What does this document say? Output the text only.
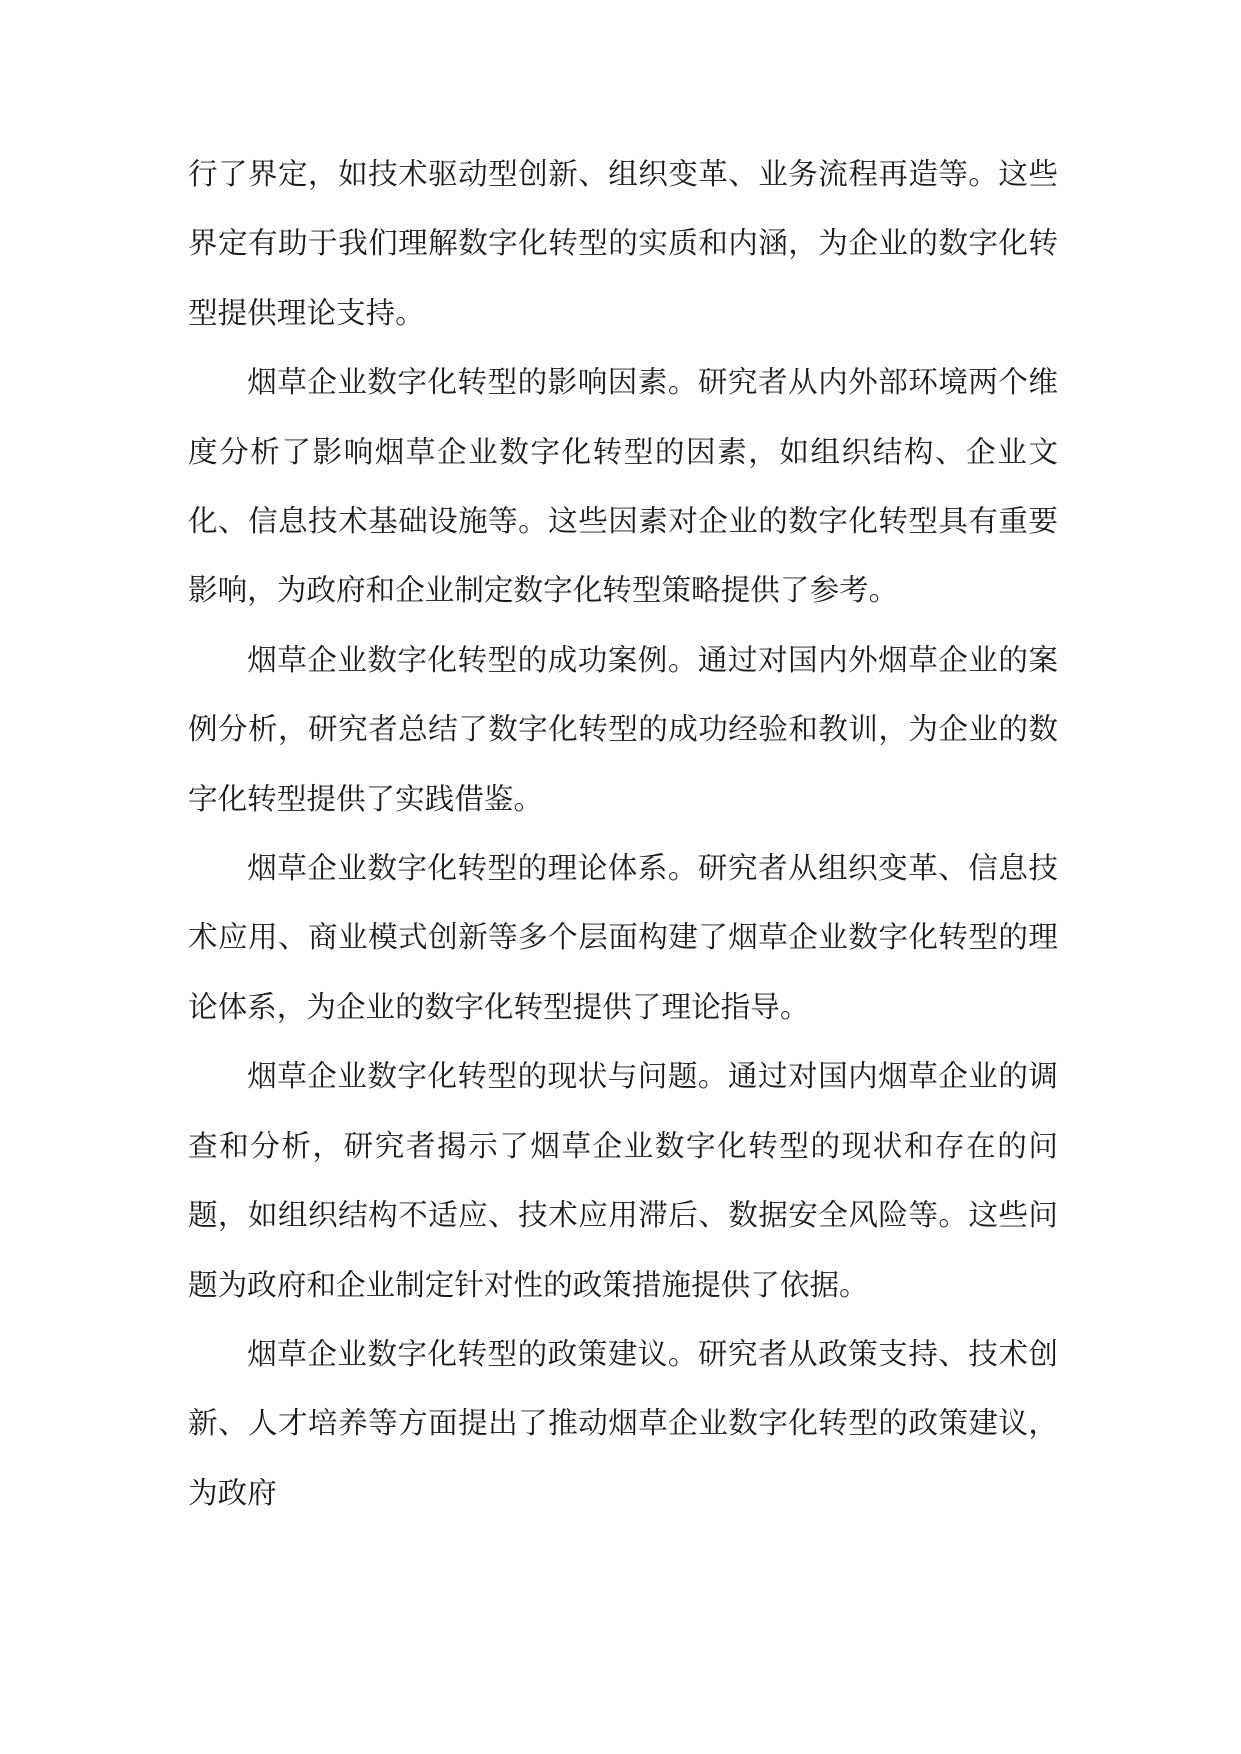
行了界定，如技术驱动型创新、组织变革、业务流程再造等。这些界定有助于我们理解数字化转型的实质和内涵，为企业的数字化转型提供理论支持。

烟草企业数字化转型的影响因素。研究者从内外部环境两个维度分析了影响烟草企业数字化转型的因素，如组织结构、企业文化、信息技术基础设施等。这些因素对企业的数字化转型具有重要影响，为政府和企业制定数字化转型策略提供了参考。

烟草企业数字化转型的成功案例。通过对国内外烟草企业的案例分析，研究者总结了数字化转型的成功经验和教训，为企业的数字化转型提供了实践借鉴。

烟草企业数字化转型的理论体系。研究者从组织变革、信息技术应用、商业模式创新等多个层面构建了烟草企业数字化转型的理论体系，为企业的数字化转型提供了理论指导。

烟草企业数字化转型的现状与问题。通过对国内烟草企业的调查和分析，研究者揭示了烟草企业数字化转型的现状和存在的问题，如组织结构不适应、技术应用滞后、数据安全风险等。这些问题为政府和企业制定针对性的政策措施提供了依据。

烟草企业数字化转型的政策建议。研究者从政策支持、技术创新、人才培养等方面提出了推动烟草企业数字化转型的政策建议，为政府
